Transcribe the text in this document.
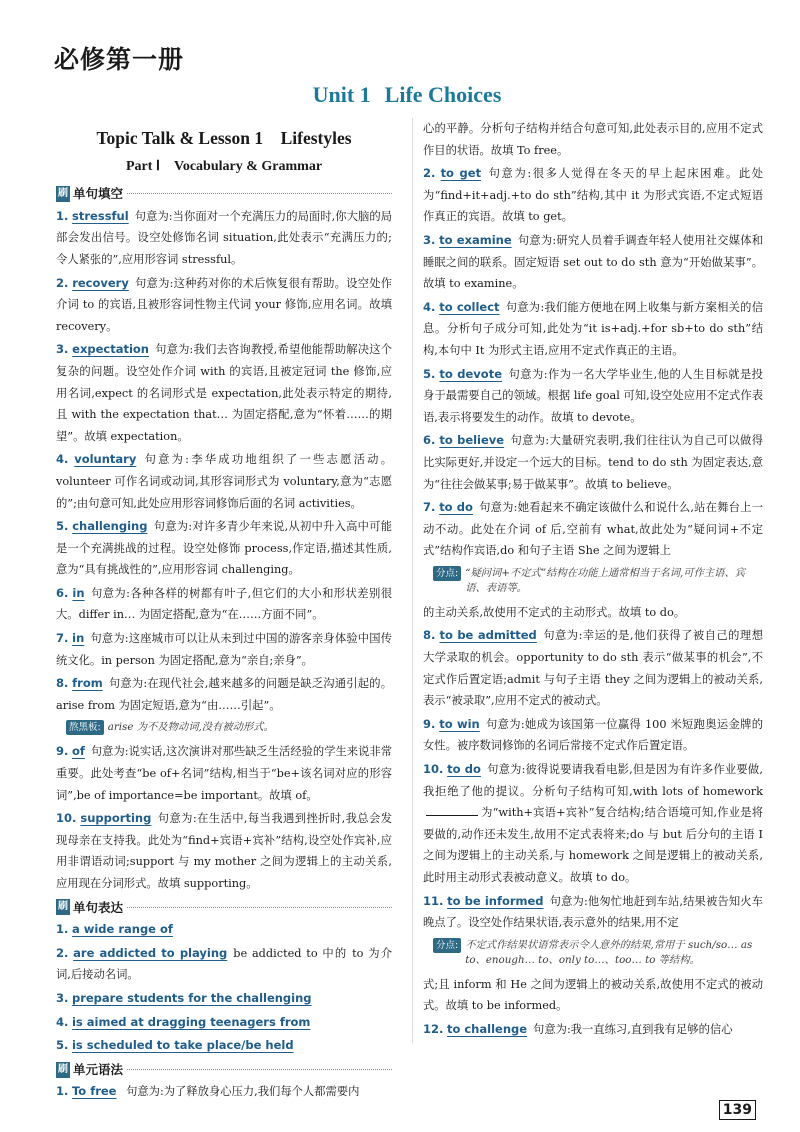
必修第一册
Unit 1 Life Choices
Topic Talk & Lesson 1　Lifestyles
Part Ⅰ　Vocabulary & Grammar
刷 单句填空

1. stressful 句意为:当你面对一个充满压力的局面时,你大脑的局部会发出信号。设空处修饰名词 situation,此处表示“充满压力的;令人紧张的”,应用形容词 stressful。

2. recovery 句意为:这种药对你的术后恢复很有帮助。设空处作介词 to 的宾语,且被形容词性物主代词 your 修饰,应用名词。故填 recovery。

3. expectation 句意为:我们去咨询教授,希望他能帮助解决这个复杂的问题。设空处作介词 with 的宾语,且被定冠词 the 修饰,应用名词,expect 的名词形式是 expectation,此处表示特定的期待,且 with the expectation that… 为固定搭配,意为“怀着……的期望”。故填 expectation。

4. voluntary 句意为:李华成功地组织了一些志愿活动。volunteer 可作名词或动词,其形容词形式为 voluntary,意为“志愿的”;由句意可知,此处应用形容词修饰后面的名词 activities。

5. challenging 句意为:对许多青少年来说,从初中升入高中可能是一个充满挑战的过程。设空处修饰 process,作定语,描述其性质,意为“具有挑战性的”,应用形容词 challenging。

6. in 句意为:各种各样的树都有叶子,但它们的大小和形状差别很大。differ in… 为固定搭配,意为“在……方面不同”。

7. in 句意为:这座城市可以让从未到过中国的游客亲身体验中国传统文化。in person 为固定搭配,意为“亲自;亲身”。

8. from 句意为:在现代社会,越来越多的问题是缺乏沟通引起的。arise from 为固定短语,意为“由……引起”。

熬黑板: arise 为不及物动词,没有被动形式。

9. of 句意为:说实话,这次演讲对那些缺乏生活经验的学生来说非常重要。此处考查“be of+名词”结构,相当于“be+该名词对应的形容词”,be of importance=be important。故填 of。

10. supporting 句意为:在生活中,每当我遇到挫折时,我总会发现母亲在支持我。此处为“find+宾语+宾补”结构,设空处作宾补,应用非谓语动词;support 与 my mother 之间为逻辑上的主动关系,应用现在分词形式。故填 supporting。

刷 单句表达

1. a wide range of

2. are addicted to playing be addicted to 中的 to 为介词,后接动名词。

3. prepare students for the challenging

4. is aimed at dragging teenagers from

5. is scheduled to take place/be held

刷 单元语法

1. To free 句意为:为了释放身心压力,我们每个人都需要内

心的平静。分析句子结构并结合句意可知,此处表示目的,应用不定式作目的状语。故填 To free。

2. to get 句意为:很多人觉得在冬天的早上起床困难。此处为“find+it+adj.+to do sth”结构,其中 it 为形式宾语,不定式短语作真正的宾语。故填 to get。

3. to examine 句意为:研究人员着手调查年轻人使用社交媒体和睡眠之间的联系。固定短语 set out to do sth 意为“开始做某事”。故填 to examine。

4. to collect 句意为:我们能方便地在网上收集与新方案相关的信息。分析句子成分可知,此处为“it is+adj.+for sb+to do sth”结构,本句中 It 为形式主语,应用不定式作真正的主语。

5. to devote 句意为:作为一名大学毕业生,他的人生目标就是投身于最需要自己的领域。根据 life goal 可知,设空处应用不定式作表语,表示将要发生的动作。故填 to devote。

6. to believe 句意为:大量研究表明,我们往往认为自己可以做得比实际更好,并设定一个远大的目标。tend to do sth 为固定表达,意为“往往会做某事;易于做某事”。故填 to believe。

7. to do 句意为:她看起来不确定该做什么和说什么,站在舞台上一动不动。此处在介词 of 后,空前有 what,故此处为“疑问词+不定式”结构作宾语,do 和句子主语 She 之间为逻辑上

分点: “疑问词+不定式”结构在功能上通常相当于名词,可作主语、宾语、表语等。

的主动关系,故使用不定式的主动形式。故填 to do。

8. to be admitted 句意为:幸运的是,他们获得了被自己的理想大学录取的机会。opportunity to do sth 表示“做某事的机会”,不定式作后置定语;admit 与句子主语 they 之间为逻辑上的被动关系,表示“被录取”,应用不定式的被动式。

9. to win 句意为:她成为该国第一位赢得 100 米短跑奥运金牌的女性。被序数词修饰的名词后常接不定式作后置定语。

10. to do 句意为:彼得说要请我看电影,但是因为有许多作业要做,我拒绝了他的提议。分析句子结构可知,with lots of homework为“with+宾语+宾补”复合结构;结合语境可知,作业是将要做的,动作还未发生,故用不定式表将来;do 与 but 后分句的主语 I 之间为逻辑上的主动关系,与 homework 之间是逻辑上的被动关系,此时用主动形式表被动意义。故填 to do。

11. to be informed 句意为:他匆忙地赶到车站,结果被告知火车晚点了。设空处作结果状语,表示意外的结果,用不定

分点: 不定式作结果状语常表示令人意外的结果,常用于 such/so… as to、enough… to、only to…、too… to 等结构。

式;且 inform 和 He 之间为逻辑上的被动关系,故使用不定式的被动式。故填 to be informed。

12. to challenge 句意为:我一直练习,直到我有足够的信心

139
